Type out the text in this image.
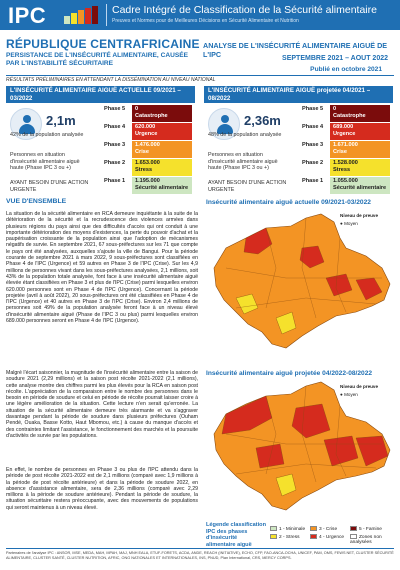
IPC	Cadre Intégré de Classification de la Sécurité alimentaire
Preuves et Normes pour de Meilleures Décisions en Sécurité Alimentaire et Nutrition
RÉPUBLIQUE CENTRAFRICAINE
PERSISTANCE DE L'INSÉCURITÉ ALIMENTAIRE, CAUSÉE PAR L'INSTABILITÉ SÉCURITAIRE
ANALYSE DE L'INSÉCURITÉ ALIMENTAIRE AIGUË DE L'IPC	SEPTEMBRE 2021 – AOUT 2022
Publié en octobre 2021
RÉSULTATS PRÉLIMINAIRES EN ATTENDANT LA DISSÉMINATION AU NIVEAU NATIONAL
L'INSÉCURITÉ ALIMENTAIRE AIGUË ACTUELLE 09/2021 – 03/2022
2,1m
42% de la population analysée
Personnes en situation d'insécurité alimentaire aiguë haute (Phase IPC 3 ou +)
AYANT BESOIN D'UNE ACTION URGENTE
Phase 5	0
Catastrophe
Phase 4	620.000
Urgence
Phase 3	1.476.000
Crise
Phase 2	1.653.000
Stress
Phase 1	1.195.000
Sécurité alimentaire
L'INSÉCURITÉ ALIMENTAIRE AIGUË projetée 04/2021 – 08/2022
2,36m
48% de la population analysée
Personnes en situation d'insécurité alimentaire aiguë haute (Phase IPC 3 ou +)
AYANT BESOIN D'UNE ACTION URGENTE
Phase 5	0
Catastrophe
Phase 4	689.000
Urgence
Phase 3	1.671.000
Crise
Phase 2	1.528.000
Stress
Phase 1	1.055.000
Sécurité alimentaire
VUE D'ENSEMBLE
La situation de la sécurité alimentaire en RCA demeure inquiétante à la suite de la détérioration de la sécurité et la recrudescence des violences armées dans plusieurs régions du pays ainsi que des difficultés d'accès qui ont conduit à une importante détérioration des moyens d'existences, la perte du pouvoir d'achat et la paupérisation croissante de la population ainsi que l'adoption de mécanismes négatifs de survie. En septembre 2021, 67 sous-préfectures sur les 71 que compte le pays ont été analysées, auxquelles s'ajoute la ville de Bangui. Pour la période courante de septembre 2021 à mars 2022, 9 sous-préfectures sont classifiées en Phase 4 de l'IPC (Urgence) et 59 autres en Phase 3 de l'IPC (Crise). Sur les 4,9 millions de personnes vivant dans les sous-préfectures analysées, 2,1 millions, soit 43% de la population totale analysée, font face à une insécurité alimentaire aiguë élevée étant classifiées en Phase 3 et plus de l'IPC (Crise) parmi lesquelles environ 620.000 personnes sont en Phase 4 de l'IPC (Urgence). Concernant la période projetée (avril à août 2022), 20 sous-préfectures ont été classifiées en Phase 4 de l'IPC (Urgence) et 40 autres en Phase 3 de l'IPC (Crise). Environ 2,4 millions de personnes soit 49% de la population analysée feront face à un niveau élevé d'insécurité alimentaire aiguë (Phase de l'IPC 3 ou plus) parmi lesquelles environ 689.000 personnes seront en Phase 4 de l'IPC (Urgence).
Malgré l'écart saisonnier, la magnitude de l'insécurité alimentaire entre la saison de soudure 2021 (2,29 millions) et la saison post récolte 2021-2022 (2,1 millions), cette analyse montre des chiffres parmi les plus élevés pour la RCA en saison post récolte. L'appréciation de la comparaison entre le nombre des personnes dans le besoin en période de soudure et celui en période de récolte pourrait laisser croire à une légère amélioration de la situation. Cette lecture n'en serait qu'erronée. La situation de la sécurité alimentaire demeure très alarmante et va s'aggraver davantage pendant la période de soudure dans plusieurs préfectures (Ouham Pendé, Ouaka, Basse Kotto, Haut Mbomou, etc.) à cause du manque d'accès et des contraintes limitant l'assistance, le fonctionnement des marchés et la poursuite d'activités de survie par les populations.
En effet, le nombre de personnes en Phase 3 ou plus de l'IPC attendu dans la période de post récolte 2021-2022 est de 2,1 millions (comparé avec 1,9 millions à la période de post récolte antérieure) et dans la période de soudure 2022, en absence d'assistance alimentaire, sera de 2,36 millions (comparé avec 2,29 millions à la période de soudure antérieure). Pendant la période de soudure, la situation sécuritaire restera préoccupante, avec des mouvements de populations qui seront maintenus à un niveau élevé.
Insécurité alimentaire aiguë actuelle 09/2021-03/2022
Niveau de preuve
● Moyen
Insécurité alimentaire aiguë projetée 04/2022-08/2022
Niveau de preuve
● Moyen
Légende classification IPC des phases d'insécurité alimentaire aiguë
1 - Minimale
2 - Stress
3 - Crise
4 - Urgence
5 - Famine
Zones non analysées
Partenaires de l'analyse IPC : ANSOR, MSE, MEDA, MAH, MPAH, MAJ, MNH EALA, ETUF-FORETS, ACDA, ANDE, REACH (INITIATIVE), ECHO, CFP, FAO-ANCA-OCHA, UNICEF, PAM, OMS, FEWS NET, CLUSTER SÉCURITÉ ALIMENTAIRE, CLUSTER SANTÉ, CLUSTER NUTRITION, AFRIC, ONG NATIONALES ET INTERNATIONALES, INS, PNUD, Plan International, CRS, MERCY CORPS.
